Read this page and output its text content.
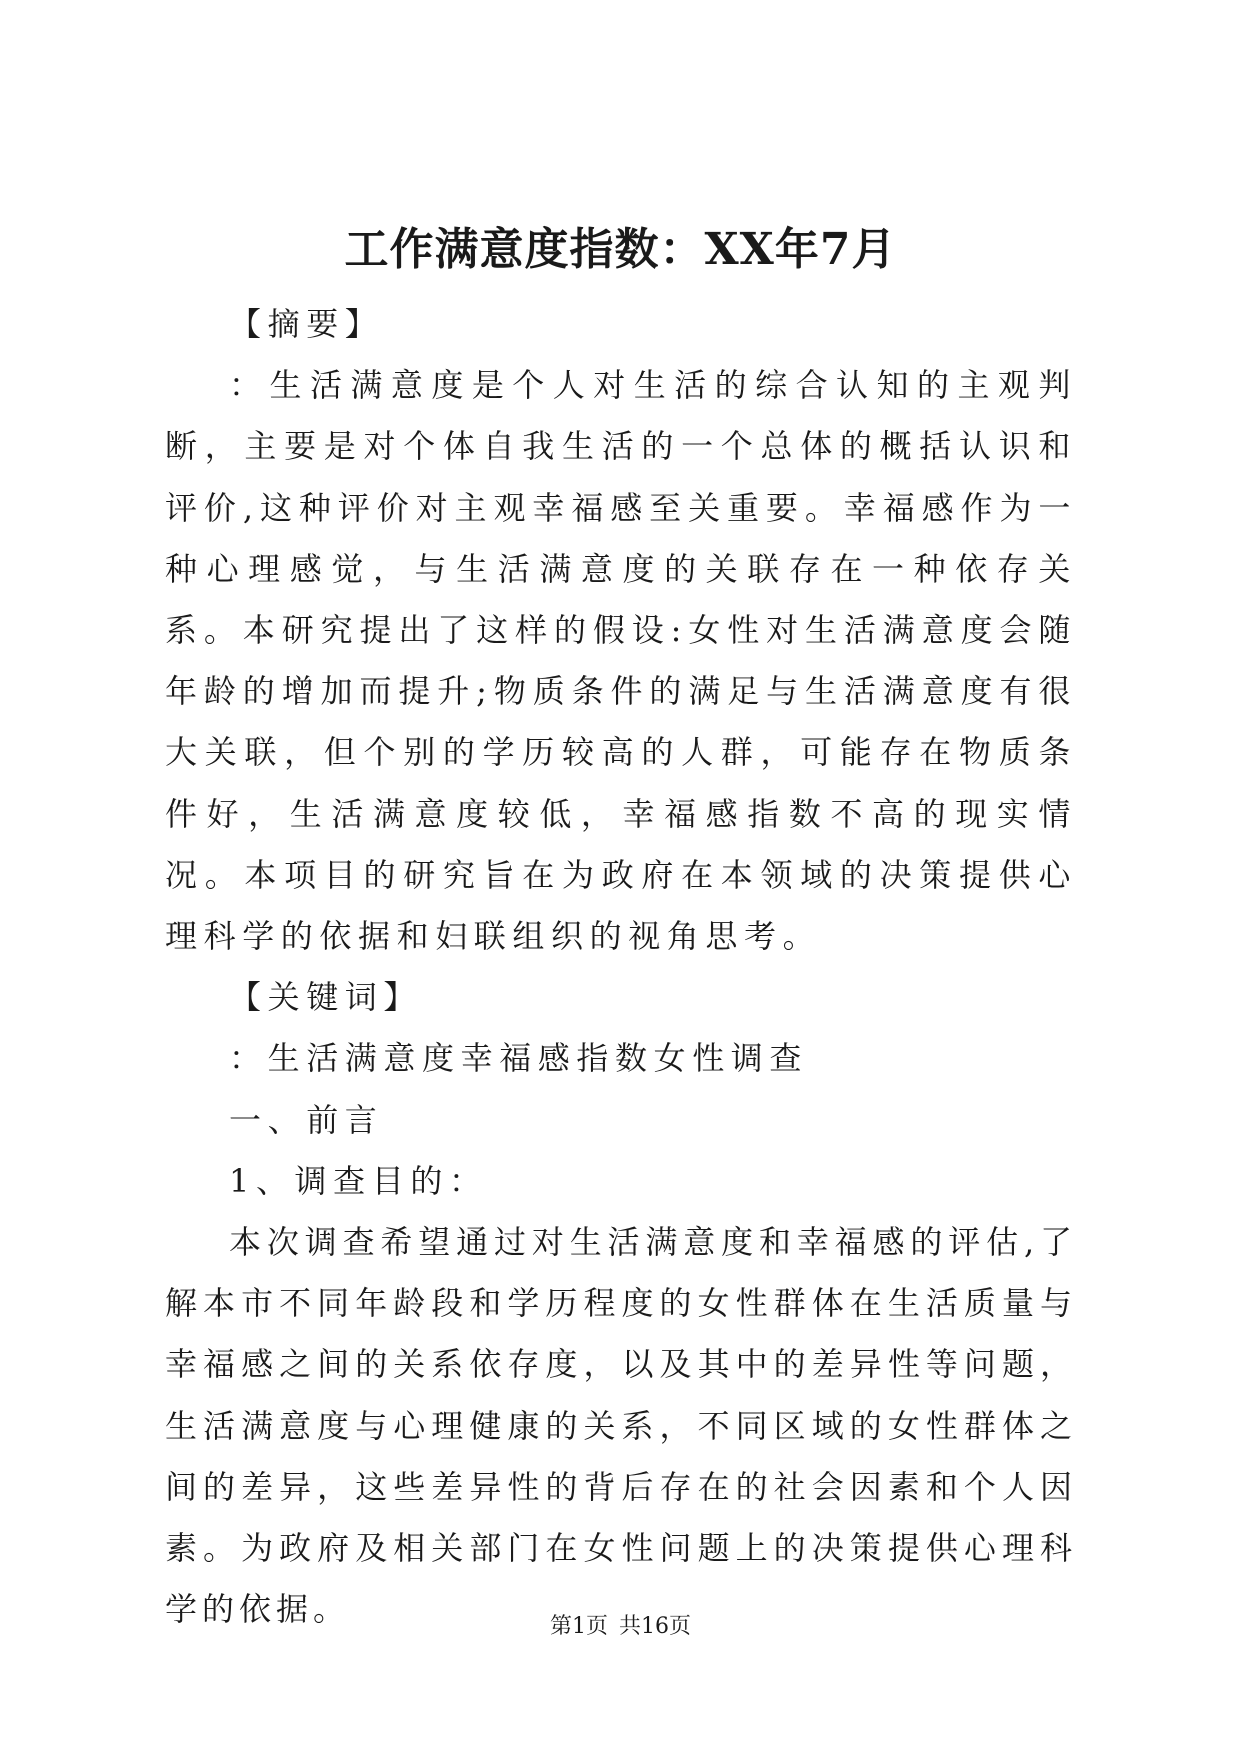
工作满意度指数：XX年7月

【摘要】

：生活满意度是个人对生活的综合认知的主观判断，主要是对个体自我生活的一个总体的概括认识和评价,这种评价对主观幸福感至关重要。幸福感作为一种心理感觉，与生活满意度的关联存在一种依存关系。本研究提出了这样的假设:女性对生活满意度会随年龄的增加而提升;物质条件的满足与生活满意度有很大关联，但个别的学历较高的人群，可能存在物质条件好，生活满意度较低，幸福感指数不高的现实情况。本项目的研究旨在为政府在本领域的决策提供心理科学的依据和妇联组织的视角思考。

【关键词】

：生活满意度幸福感指数女性调查

一、前言

1、调查目的：

本次调查希望通过对生活满意度和幸福感的评估,了解本市不同年龄段和学历程度的女性群体在生活质量与幸福感之间的关系依存度，以及其中的差异性等问题，生活满意度与心理健康的关系，不同区域的女性群体之间的差异，这些差异性的背后存在的社会因素和个人因素。为政府及相关部门在女性问题上的决策提供心理科学的依据。	第1页 共16页
